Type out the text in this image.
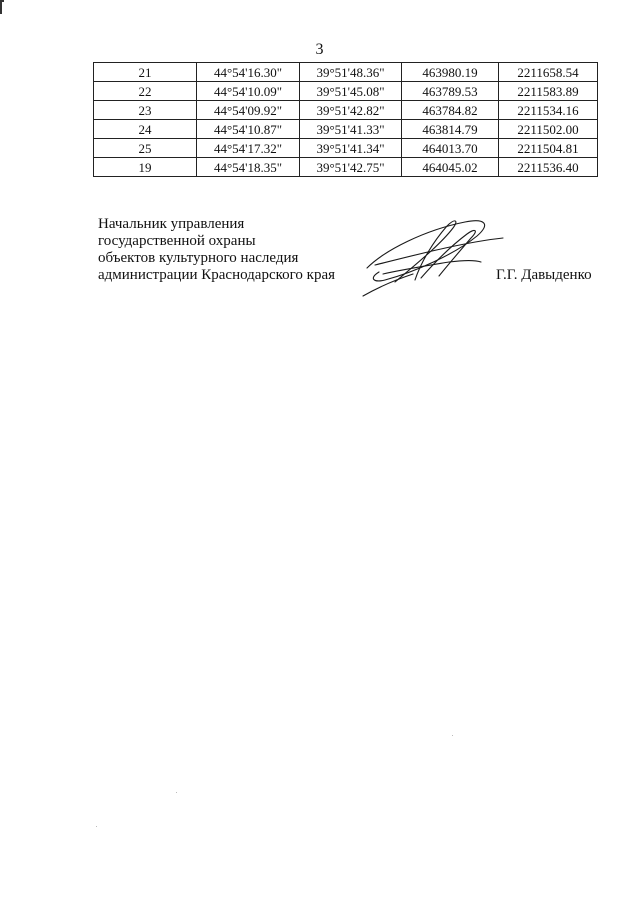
3
21	44°54'16.30"	39°51'48.36"	463980.19	2211658.54
22	44°54'10.09"	39°51'45.08"	463789.53	2211583.89
23	44°54'09.92"	39°51'42.82"	463784.82	2211534.16
24	44°54'10.87"	39°51'41.33"	463814.79	2211502.00
25	44°54'17.32"	39°51'41.34"	464013.70	2211504.81
19	44°54'18.35"	39°51'42.75"	464045.02	2211536.40
Начальник управления
государственной охраны
объектов культурного наследия
администрации Краснодарского края	Г.Г. Давыденко
